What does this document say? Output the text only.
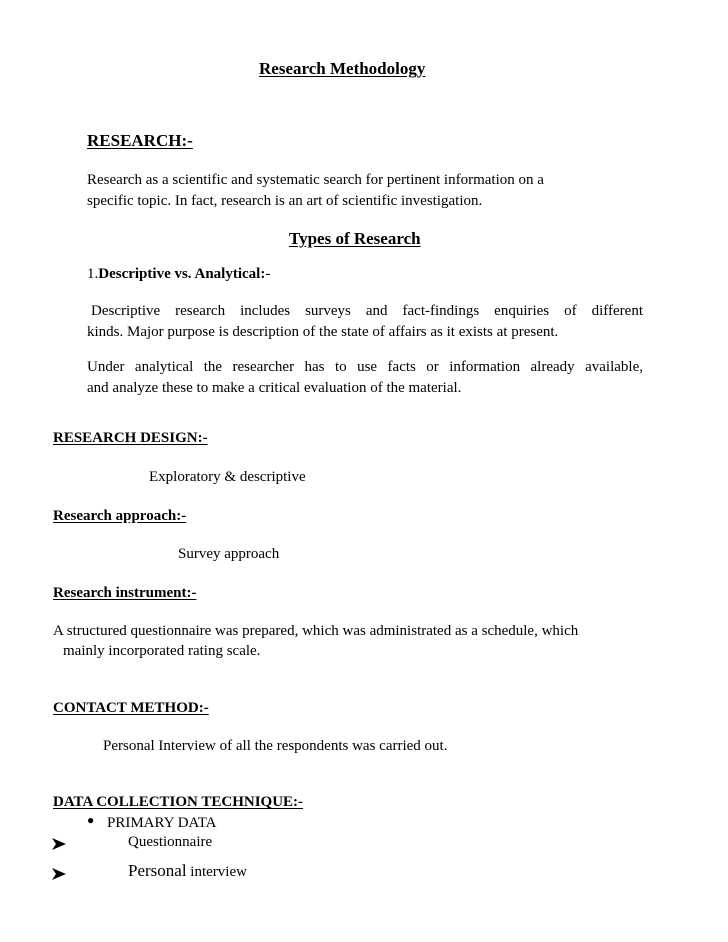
Research Methodology
RESEARCH:-
Research as a scientific and systematic search for pertinent information on a
specific topic. In fact, research is an art of scientific investigation.
Types of Research
1.Descriptive vs. Analytical:-
Descriptive research includes surveys and fact-findings enquiries of different
kinds. Major purpose is description of the state of affairs as it exists at present.
Under analytical the researcher has to use facts or information already available,
and analyze these to make a critical evaluation of the material.
RESEARCH DESIGN:-
Exploratory & descriptive
Research approach:-
Survey approach
Research instrument:-
A structured questionnaire was prepared, which was administrated as a schedule, which
mainly incorporated rating scale.
CONTACT METHOD:-
Personal Interview of all the respondents was carried out.
DATA COLLECTION TECHNIQUE:-
● PRIMARY DATA
Questionnaire
Personal interview
